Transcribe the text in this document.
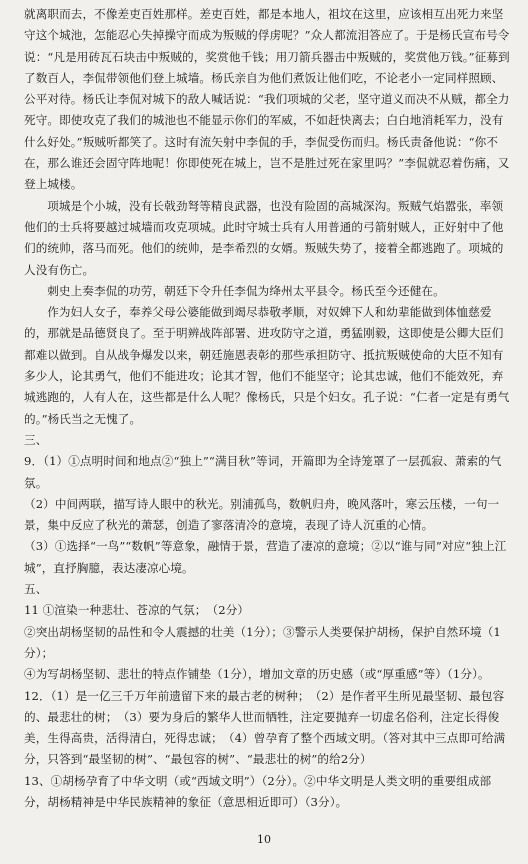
就离职而去，不像差吏百姓那样。差吏百姓，都是本地人，祖坟在这里，应该相互出死力来坚守这个城池，怎能忍心失掉操守而成为叛贼的俘虏呢？”众人都流泪答应了。于是杨氏宣布号令说：“凡是用砖瓦石块击中叛贼的，奖赏他千钱；用刀箭兵器击中叛贼的，奖赏他万钱。”征募到了数百人，李侃带领他们登上城墙。杨氏亲自为他们煮饭让他们吃，不论老小一定同样照顾、公平对待。杨氏让李侃对城下的敌人喊话说：“我们项城的父老，坚守道义而决不从贼，都全力死守。即使攻克了我们的城池也不能显示你们的军威，不如赶快离去；白白地消耗军力，没有什么好处。”叛贼听都笑了。这时有流矢射中李侃的手，李侃受伤而归。杨氏责备他说：“你不在，那么谁还会固守阵地呢！你即使死在城上，岂不是胜过死在家里吗？”李侃就忍着伤痛，又登上城楼。

项城是个小城，没有长戟劲弩等精良武器，也没有险固的高城深沟。叛贼气焰嚣张，率领他们的士兵将要越过城墙而攻克项城。此时守城士兵有人用普通的弓箭射贼人，正好射中了他们的统帅，落马而死。他们的统帅，是李希烈的女婿。叛贼失势了，接着全都逃跑了。项城的人没有伤亡。

刺史上奏李侃的功劳，朝廷下令升任李侃为绛州太平县令。杨氏至今还健在。

作为妇人女子，奉养父母公婆能做到竭尽恭敬孝顺，对奴婢下人和幼辈能做到体恤慈爱的，那就是品德贤良了。至于明辨战阵部署、进攻防守之道，勇猛刚毅，这即使是公卿大臣们都难以做到。自从战争爆发以来，朝廷施恩表彰的那些承担防守、抵抗叛贼使命的大臣不知有多少人，论其勇气，他们不能进攻；论其才智，他们不能坚守；论其忠诚，他们不能效死，弃城逃跑的，人有人在，这些都是什么人呢？像杨氏，只是个妇女。孔子说：“仁者一定是有勇气的。”杨氏当之无愧了。

三、

9．（1）①点明时间和地点②“独上”“满目秋”等词，开篇即为全诗笼罩了一层孤寂、萧索的气氛。

（2）中间两联，描写诗人眼中的秋光。别浦孤鸟，数帆归舟，晚风落叶，寒云压楼，一句一景，集中反应了秋光的萧瑟，创造了寥落清冷的意境，表现了诗人沉重的心情。

（3）①选择“一鸟”“数帆”等意象，融情于景，营造了凄凉的意境；②以“谁与同”对应“独上江城”，直抒胸臆，表达凄凉心境。

五、

11 ①渲染一种悲壮、苍凉的气氛；　（2分）

②突出胡杨坚韧的品性和令人震撼的壮美（1分）；③警示人类要保护胡杨，保护自然环境（1分）；

④为写胡杨坚韧、悲壮的特点作铺垫（1分），增加文章的历史感（或“厚重感”等）（1分）。

12．（1）是一亿三千万年前遗留下来的最古老的树种；　（2）是作者平生所见最坚韧、最包容的、最悲壮的树；　（3）要为身后的繁华人世而牺牲，注定要抛弃一切虚名俗利，注定长得俊美，生得高贵，活得清白，死得忠诚；　（4）曾孕育了整个西域文明。（答对其中三点即可给满分，只答到“最坚韧的树”、“最包容的树”、“最悲壮的树”的给2分）

13、①胡杨孕育了中华文明（或“西域文明”）（2分）。②中华文明是人类文明的重要组成部分，胡杨精神是中华民族精神的象征（意思相近即可）（3分）。

10
